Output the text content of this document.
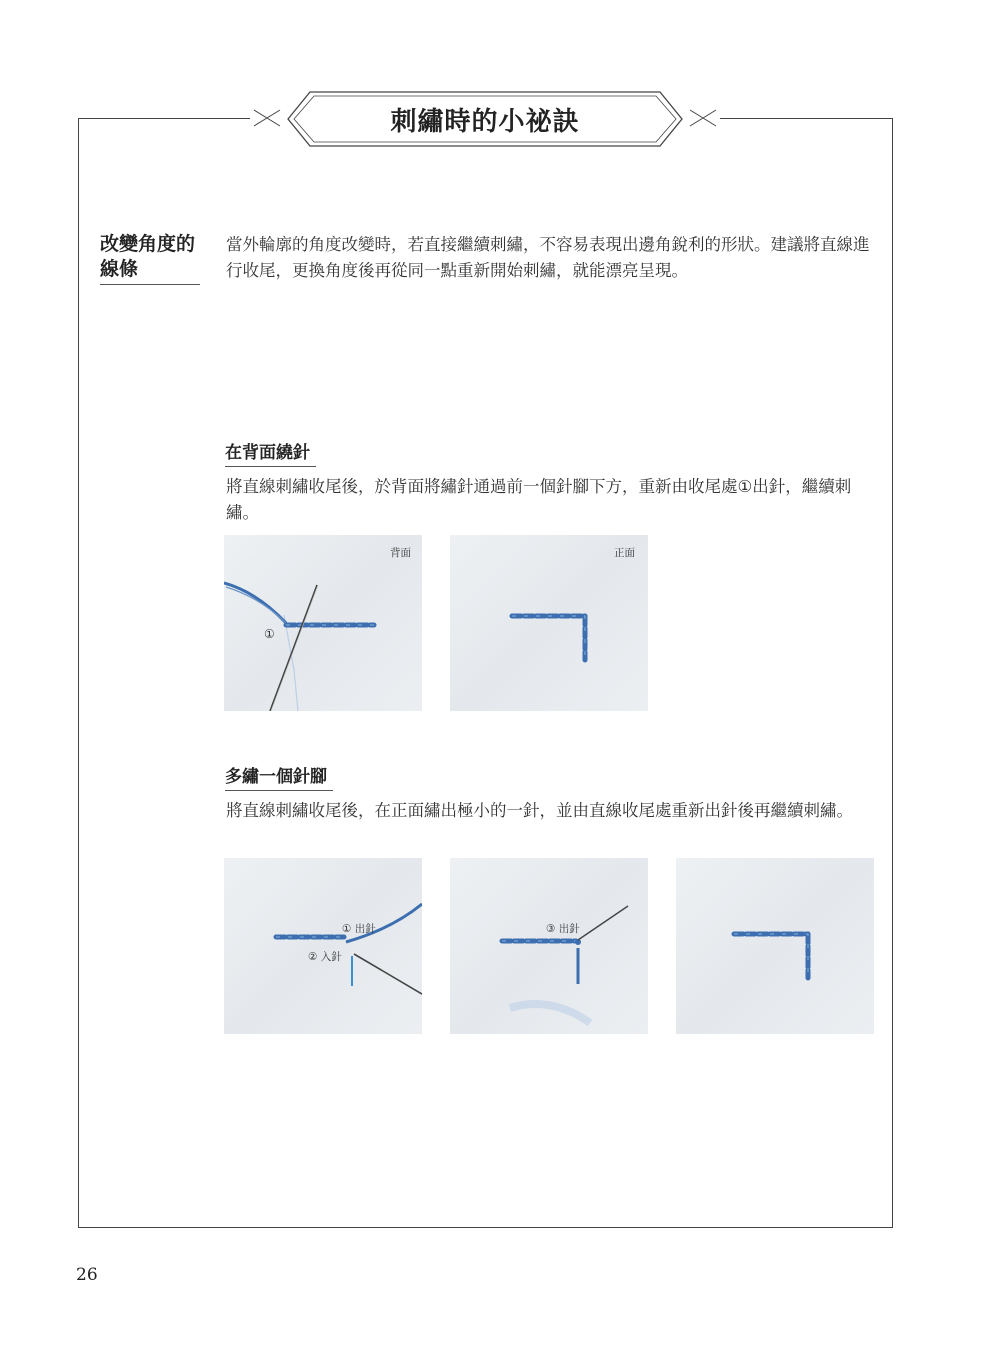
刺繡時的小祕訣
改變角度的線條

當外輪廓的角度改變時，若直接繼續刺繡，不容易表現出邊角銳利的形狀。建議將直線進行收尾，更換角度後再從同一點重新開始刺繡，就能漂亮呈現。

在背面繞針

將直線刺繡收尾後，於背面將繡針通過前一個針腳下方，重新由收尾處①出針，繼續刺繡。

背面
①
正面
多繡一個針腳

將直線刺繡收尾後，在正面繡出極小的一針，並由直線收尾處重新出針後再繼續刺繡。

① 出針
② 入針
③ 出針
26
